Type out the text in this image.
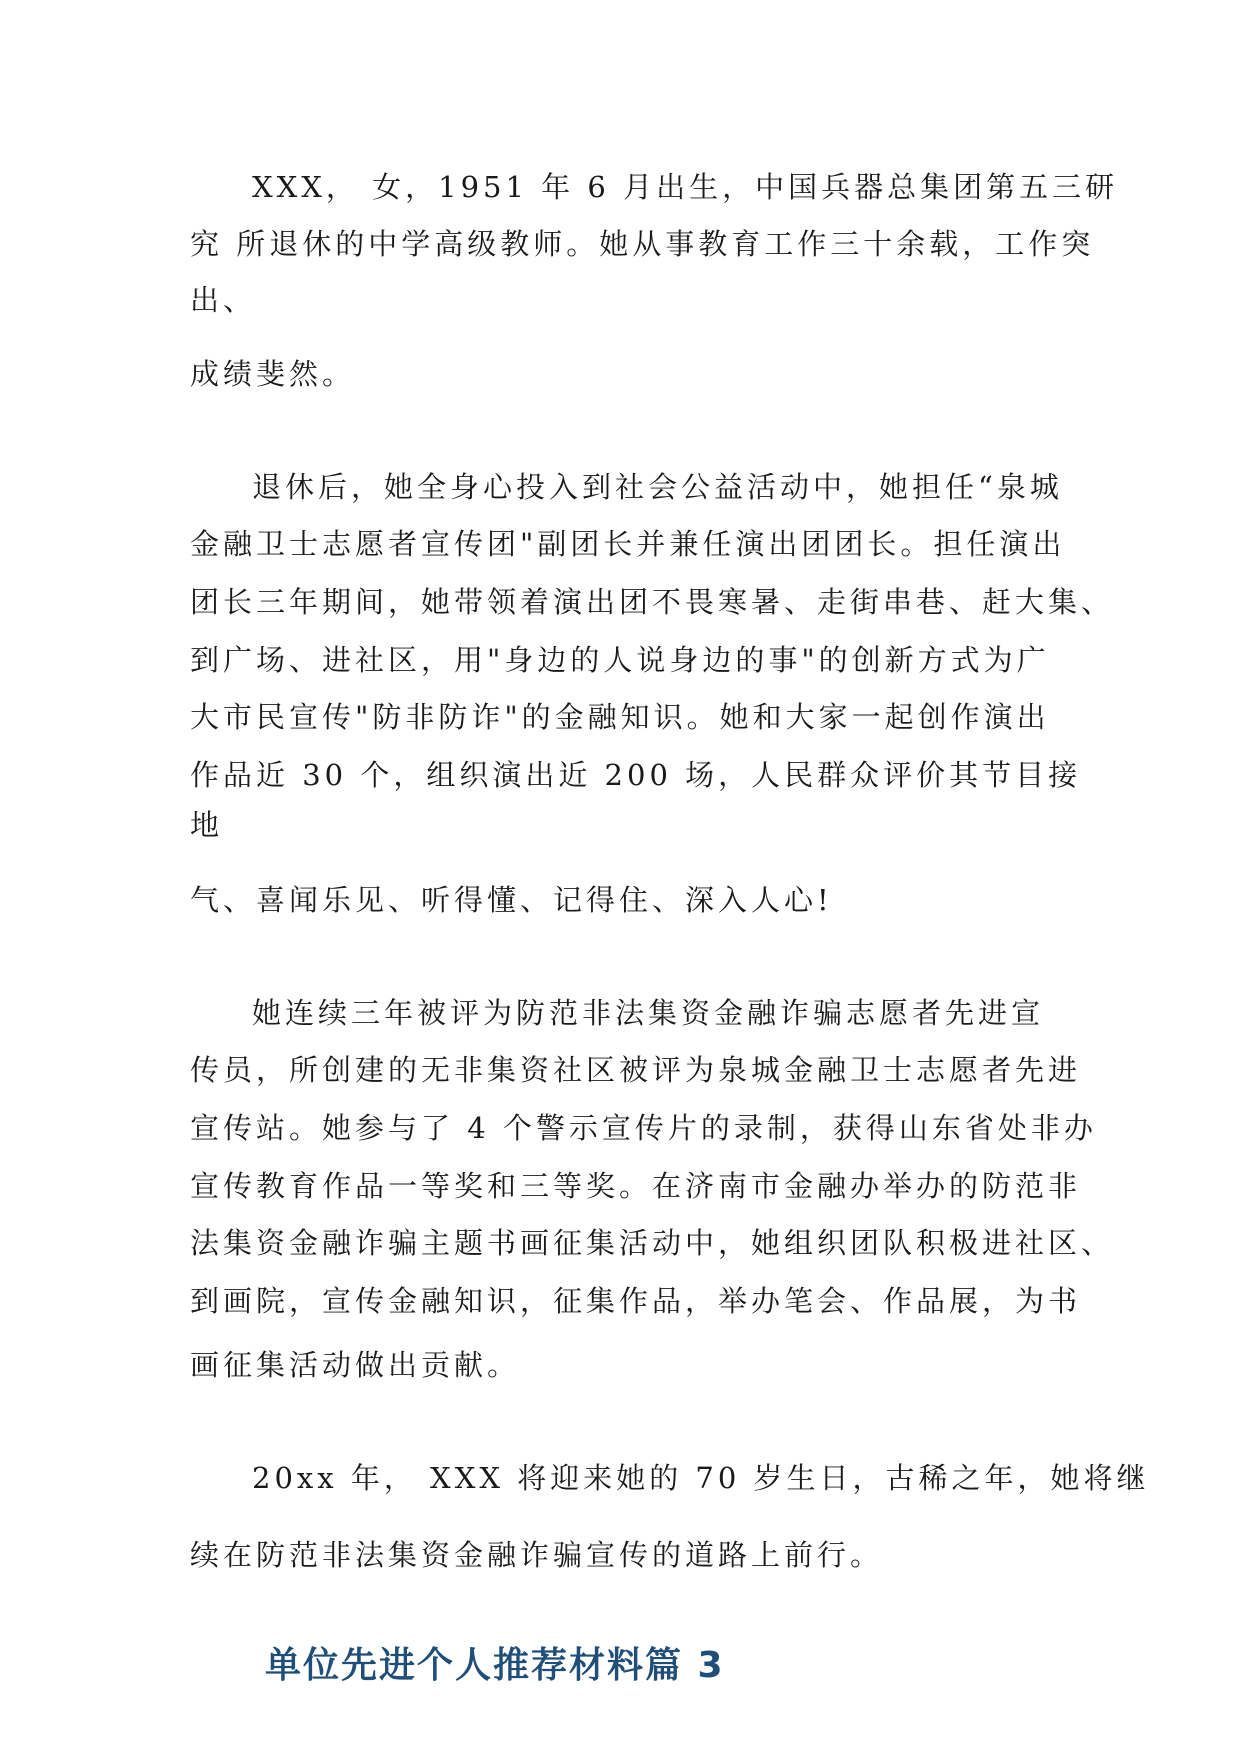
XXX， 女，1951 年 6 月出生，中国兵器总集团第五三研
究 所退休的中学高级教师。她从事教育工作三十余载，工作突
出、
成绩斐然。
退休后，她全身心投入到社会公益活动中，她担任“泉城
金融卫士志愿者宣传团"副团长并兼任演出团团长。担任演出
团长三年期间，她带领着演出团不畏寒暑、走街串巷、赶大集、
到广场、进社区，用"身边的人说身边的事"的创新方式为广
大市民宣传"防非防诈"的金融知识。她和大家一起创作演出
作品近 30 个，组织演出近 200 场，人民群众评价其节目接
地
气、喜闻乐见、听得懂、记得住、深入人心!
她连续三年被评为防范非法集资金融诈骗志愿者先进宣
传员，所创建的无非集资社区被评为泉城金融卫士志愿者先进
宣传站。她参与了 4 个警示宣传片的录制，获得山东省处非办
宣传教育作品一等奖和三等奖。在济南市金融办举办的防范非
法集资金融诈骗主题书画征集活动中，她组织团队积极进社区、
到画院，宣传金融知识，征集作品，举办笔会、作品展，为书
画征集活动做出贡献。
20xx 年， XXX 将迎来她的 70 岁生日，古稀之年，她将继
续在防范非法集资金融诈骗宣传的道路上前行。
单位先进个人推荐材料篇 3
